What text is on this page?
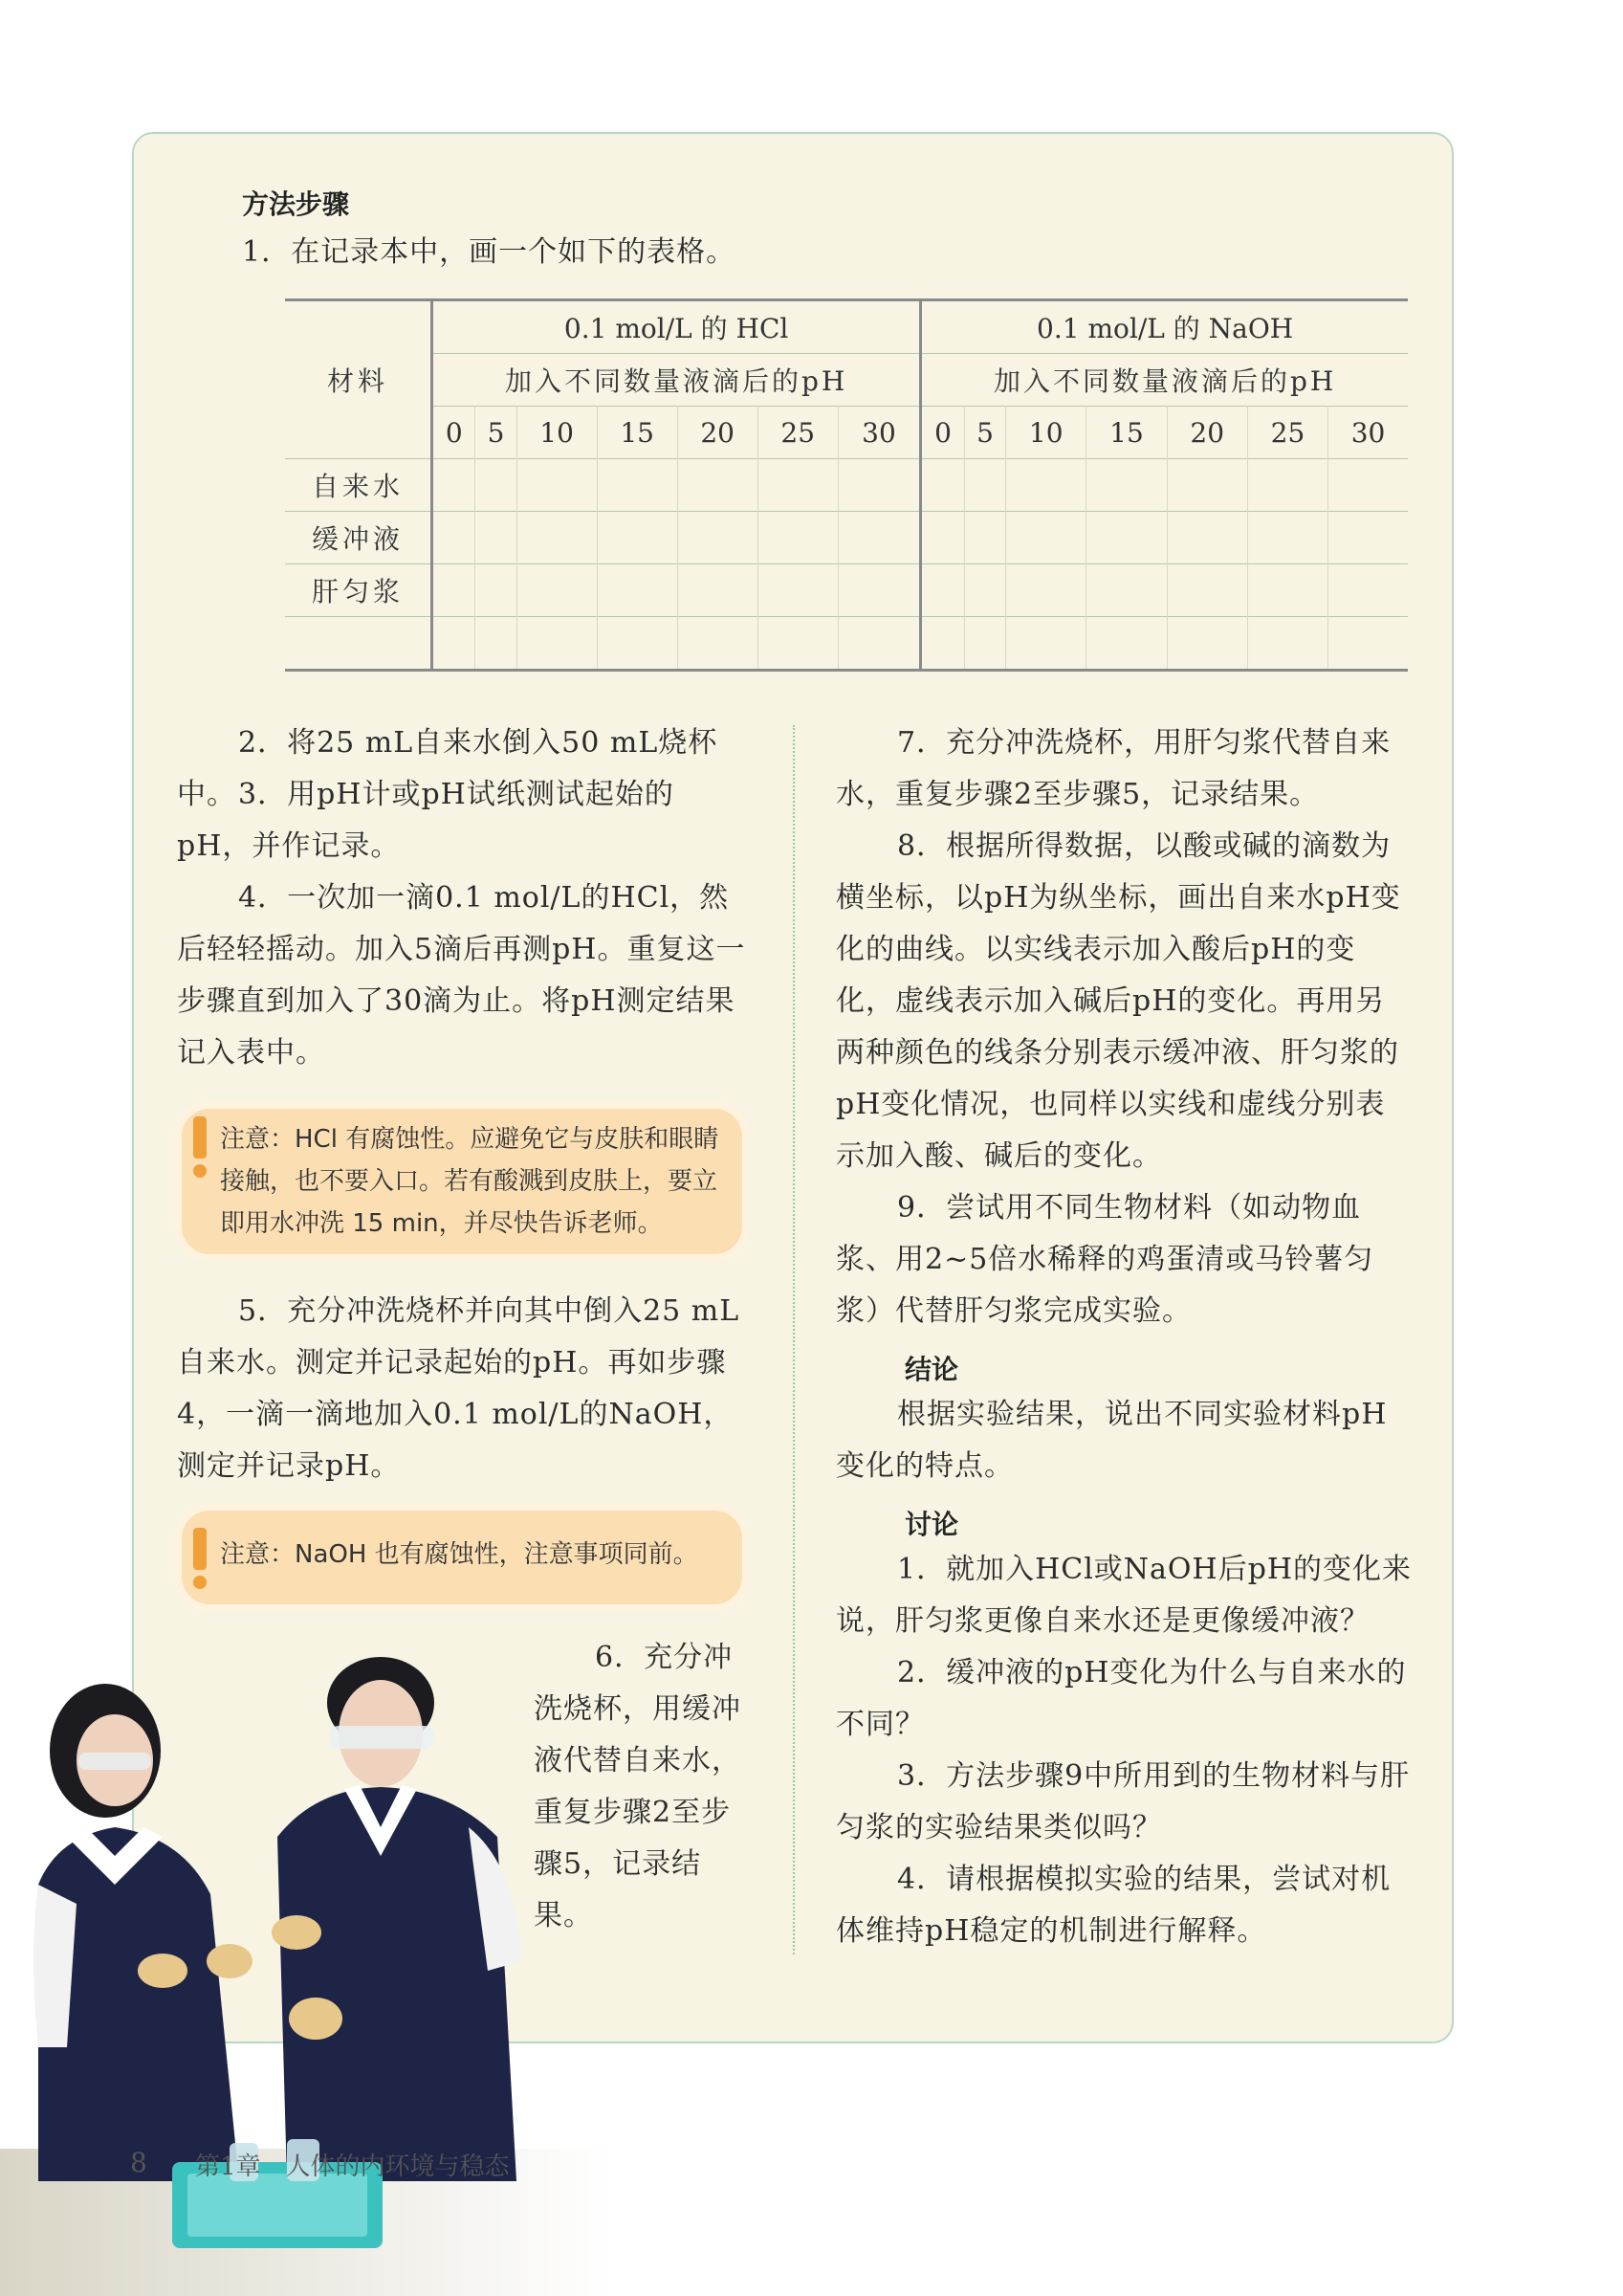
方法步骤

1．在记录本中，画一个如下的表格。

材料	0.1 mol/L 的 HCl							0.1 mol/L 的 NaOH						
	加入不同数量液滴后的pH							加入不同数量液滴后的pH						
	0	5	10	15	20	25	30	0	5	10	15	20	25	30
自来水														
缓冲液														
肝匀浆														

2．将25 mL自来水倒入50 mL烧杯中。 3．用pH计或pH试纸测试起始的pH，并作记录。

4．一次加一滴0.1 mol/L的HCl，然后轻轻摇动。加入5滴后再测pH。重复这一步骤直到加入了30滴为止。将pH测定结果记入表中。

注意：HCl 有腐蚀性。应避免它与皮肤和眼睛接触，也不要入口。若有酸溅到皮肤上，要立即用水冲洗 15 min，并尽快告诉老师。

5．充分冲洗烧杯并向其中倒入25 mL自来水。测定并记录起始的pH。再如步骤4，一滴一滴地加入0.1 mol/L的NaOH，测定并记录pH。

注意：NaOH 也有腐蚀性，注意事项同前。

6．充分冲洗烧杯，用缓冲液代替自来水，重复步骤2至步骤5，记录结果。

7．充分冲洗烧杯，用肝匀浆代替自来水，重复步骤2至步骤5，记录结果。

8．根据所得数据，以酸或碱的滴数为横坐标，以pH为纵坐标，画出自来水pH变化的曲线。以实线表示加入酸后pH的变化，虚线表示加入碱后pH的变化。再用另两种颜色的线条分别表示缓冲液、肝匀浆的pH变化情况，也同样以实线和虚线分别表示加入酸、碱后的变化。

9．尝试用不同生物材料（如动物血浆、用2~5倍水稀释的鸡蛋清或马铃薯匀浆）代替肝匀浆完成实验。

结论

根据实验结果，说出不同实验材料pH变化的特点。

讨论

1．就加入HCl或NaOH后pH的变化来说，肝匀浆更像自来水还是更像缓冲液？

2．缓冲液的pH变化为什么与自来水的不同？

3．方法步骤9中所用到的生物材料与肝匀浆的实验结果类似吗？

4．请根据模拟实验的结果，尝试对机体维持pH稳定的机制进行解释。

8 第1章　人体的内环境与稳态
